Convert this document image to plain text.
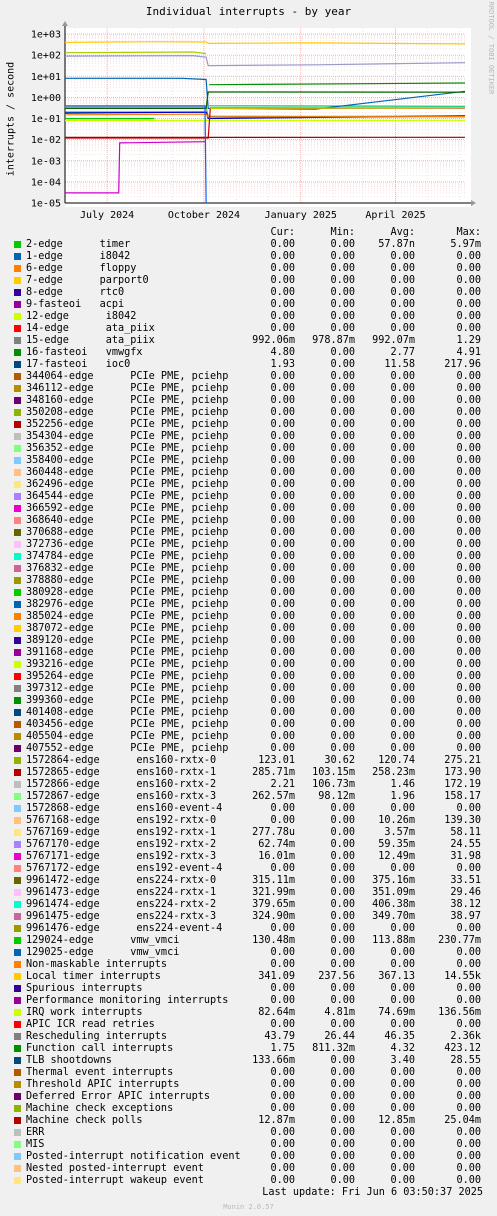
Individual interrupts - by year
interrupts / second
RRDTOOL / TOBI OETIKER
1e+03
1e+02
1e+01
1e+00
1e-01
1e-02
1e-03
1e-04
1e-05
July 2024	October 2024 January 2025	April 2025
Cur:	Min:	Avg:	Max:
2-edge      timer	0.00	0.00 57.87n	5.97m
1-edge      i8042	0.00	0.00	0.00	0.00
6-edge      floppy	0.00	0.00	0.00	0.00
7-edge      parport0	0.00	0.00	0.00	0.00
8-edge      rtc0	0.00	0.00	0.00	0.00
9-fasteoi   acpi	0.00	0.00	0.00	0.00
12-edge      i8042	0.00	0.00	0.00	0.00
14-edge      ata_piix	0.00	0.00	0.00	0.00
15-edge      ata_piix	992.06m 978.87m 992.07m	1.29
16-fasteoi   vmwgfx	4.80	0.00	2.77	4.91
17-fasteoi   ioc0	1.93	0.00	11.58	217.96
344064-edge      PCIe PME, pciehp	0.00	0.00	0.00	0.00
346112-edge      PCIe PME, pciehp	0.00	0.00	0.00	0.00
348160-edge      PCIe PME, pciehp	0.00	0.00	0.00	0.00
350208-edge      PCIe PME, pciehp	0.00	0.00	0.00	0.00
352256-edge      PCIe PME, pciehp	0.00	0.00	0.00	0.00
354304-edge      PCIe PME, pciehp	0.00	0.00	0.00	0.00
356352-edge      PCIe PME, pciehp	0.00	0.00	0.00	0.00
358400-edge      PCIe PME, pciehp	0.00	0.00	0.00	0.00
360448-edge      PCIe PME, pciehp	0.00	0.00	0.00	0.00
362496-edge      PCIe PME, pciehp	0.00	0.00	0.00	0.00
364544-edge      PCIe PME, pciehp	0.00	0.00	0.00	0.00
366592-edge      PCIe PME, pciehp	0.00	0.00	0.00	0.00
368640-edge      PCIe PME, pciehp	0.00	0.00	0.00	0.00
370688-edge      PCIe PME, pciehp	0.00	0.00	0.00	0.00
372736-edge      PCIe PME, pciehp	0.00	0.00	0.00	0.00
374784-edge      PCIe PME, pciehp	0.00	0.00	0.00	0.00
376832-edge      PCIe PME, pciehp	0.00	0.00	0.00	0.00
378880-edge      PCIe PME, pciehp	0.00	0.00	0.00	0.00
380928-edge      PCIe PME, pciehp	0.00	0.00	0.00	0.00
382976-edge      PCIe PME, pciehp	0.00	0.00	0.00	0.00
385024-edge      PCIe PME, pciehp	0.00	0.00	0.00	0.00
387072-edge      PCIe PME, pciehp	0.00	0.00	0.00	0.00
389120-edge      PCIe PME, pciehp	0.00	0.00	0.00	0.00
391168-edge      PCIe PME, pciehp	0.00	0.00	0.00	0.00
393216-edge      PCIe PME, pciehp	0.00	0.00	0.00	0.00
395264-edge      PCIe PME, pciehp	0.00	0.00	0.00	0.00
397312-edge      PCIe PME, pciehp	0.00	0.00	0.00	0.00
399360-edge      PCIe PME, pciehp	0.00	0.00	0.00	0.00
401408-edge      PCIe PME, pciehp	0.00	0.00	0.00	0.00
403456-edge      PCIe PME, pciehp	0.00	0.00	0.00	0.00
405504-edge      PCIe PME, pciehp	0.00	0.00	0.00	0.00
407552-edge      PCIe PME, pciehp	0.00	0.00	0.00	0.00
1572864-edge      ens160-rxtx-0	123.01	30.62 120.74	275.21
1572865-edge      ens160-rxtx-1	285.71m 103.15m 258.23m	173.90
1572866-edge      ens160-rxtx-2	2.21 106.73m	1.46	172.19
1572867-edge      ens160-rxtx-3	262.57m 98.12m	1.96	158.17
1572868-edge      ens160-event-4	0.00	0.00	0.00	0.00
5767168-edge      ens192-rxtx-0	0.00	0.00 10.26m	139.30
5767169-edge      ens192-rxtx-1	277.78u	0.00	3.57m	58.11
5767170-edge      ens192-rxtx-2	62.74m	0.00 59.35m	24.55
5767171-edge      ens192-rxtx-3	16.01m	0.00 12.49m	31.98
5767172-edge      ens192-event-4	0.00	0.00	0.00	0.00
9961472-edge      ens224-rxtx-0	315.11m	0.00 375.16m	33.51
9961473-edge      ens224-rxtx-1	321.99m	0.00 351.09m	29.46
9961474-edge      ens224-rxtx-2	379.65m	0.00 406.38m	38.12
9961475-edge      ens224-rxtx-3	324.90m	0.00 349.70m	38.97
9961476-edge      ens224-event-4	0.00	0.00	0.00	0.00
129024-edge      vmw_vmci	130.48m	0.00 113.88m 230.77m
129025-edge      vmw_vmci	0.00	0.00	0.00	0.00
Non-maskable interrupts	0.00	0.00	0.00	0.00
Local timer interrupts	341.09 237.56 367.13	14.55k
Spurious interrupts	0.00	0.00	0.00	0.00
Performance monitoring interrupts	0.00	0.00	0.00	0.00
IRQ work interrupts	82.64m	4.81m 74.69m 136.56m
APIC ICR read retries	0.00	0.00	0.00	0.00
Rescheduling interrupts	43.79	26.44	46.35	2.36k
Function call interrupts	1.75 811.32m	4.32	423.12
TLB shootdowns	133.66m	0.00	3.40	28.55
Thermal event interrupts	0.00	0.00	0.00	0.00
Threshold APIC interrupts	0.00	0.00	0.00	0.00
Deferred Error APIC interrupts	0.00	0.00	0.00	0.00
Machine check exceptions	0.00	0.00	0.00	0.00
Machine check polls	12.87m	0.00 12.85m	25.04m
ERR	0.00	0.00	0.00	0.00
MIS	0.00	0.00	0.00	0.00
Posted-interrupt notification event	0.00	0.00	0.00	0.00
Nested posted-interrupt event	0.00	0.00	0.00	0.00
Posted-interrupt wakeup event	0.00	0.00	0.00	0.00
Last update: Fri Jun 6 03:50:37 2025
Munin 2.0.57
